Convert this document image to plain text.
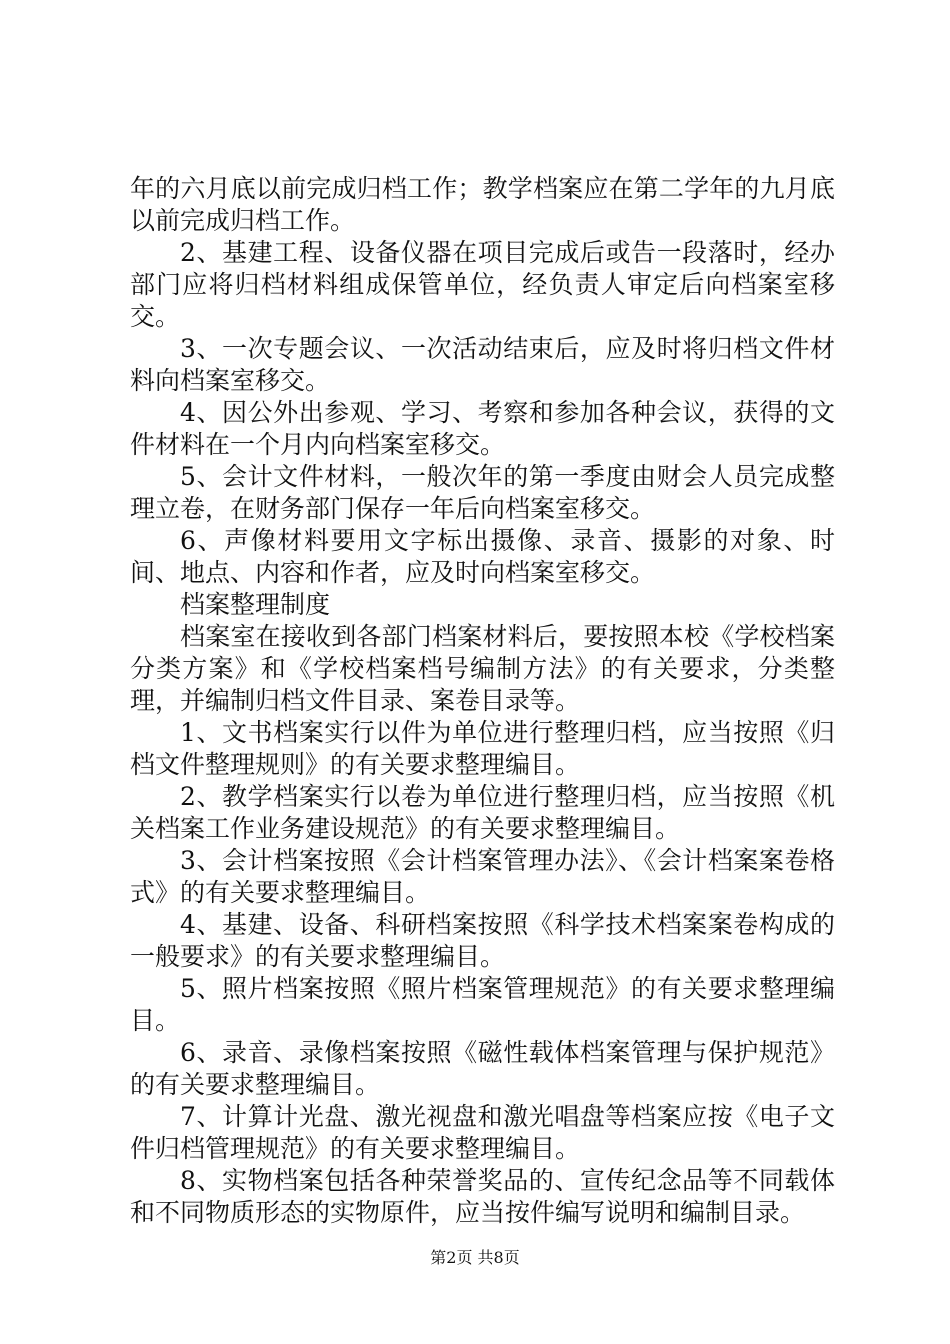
年的六月底以前完成归档工作；教学档案应在第二学年的九月底以前完成归档工作。

2、基建工程、设备仪器在项目完成后或告一段落时，经办部门应将归档材料组成保管单位，经负责人审定后向档案室移交。

3、一次专题会议、一次活动结束后，应及时将归档文件材料向档案室移交。

4、因公外出参观、学习、考察和参加各种会议，获得的文件材料在一个月内向档案室移交。

5、会计文件材料，一般次年的第一季度由财会人员完成整理立卷，在财务部门保存一年后向档案室移交。

6、声像材料要用文字标出摄像、录音、摄影的对象、时间、地点、内容和作者，应及时向档案室移交。

档案整理制度

档案室在接收到各部门档案材料后，要按照本校《学校档案分类方案》和《学校档案档号编制方法》的有关要求，分类整理，并编制归档文件目录、案卷目录等。

1、文书档案实行以件为单位进行整理归档，应当按照《归档文件整理规则》的有关要求整理编目。

2、教学档案实行以卷为单位进行整理归档，应当按照《机关档案工作业务建设规范》的有关要求整理编目。

3、会计档案按照《会计档案管理办法》、《会计档案案卷格式》的有关要求整理编目。

4、基建、设备、科研档案按照《科学技术档案案卷构成的一般要求》的有关要求整理编目。

5、照片档案按照《照片档案管理规范》的有关要求整理编目。

6、录音、录像档案按照《磁性载体档案管理与保护规范》的有关要求整理编目。

7、计算计光盘、激光视盘和激光唱盘等档案应按《电子文件归档管理规范》的有关要求整理编目。

8、实物档案包括各种荣誉奖品的、宣传纪念品等不同载体和不同物质形态的实物原件，应当按件编写说明和编制目录。

第2页 共8页
